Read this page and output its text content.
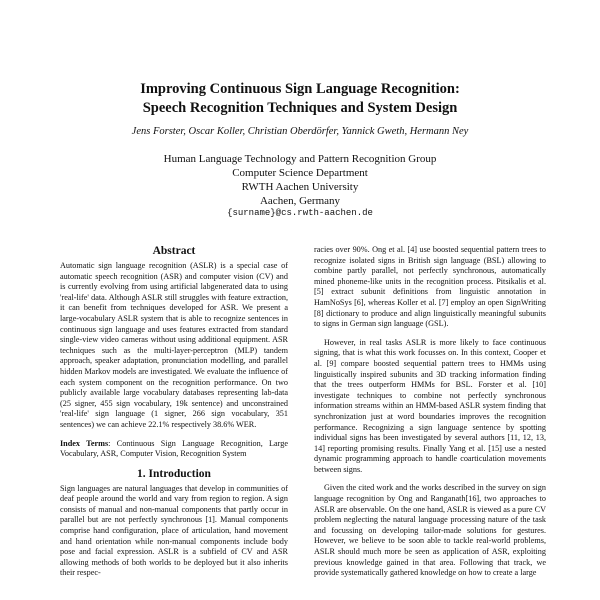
Improving Continuous Sign Language Recognition:
Speech Recognition Techniques and System Design
Jens Forster, Oscar Koller, Christian Oberdörfer, Yannick Gweth, Hermann Ney
Human Language Technology and Pattern Recognition Group
Computer Science Department
RWTH Aachen University
Aachen, Germany
{surname}@cs.rwth-aachen.de
Abstract

Automatic sign language recognition (ASLR) is a special case of automatic speech recognition (ASR) and computer vision (CV) and is currently evolving from using artificial labgenerated data to using 'real-life' data. Although ASLR still struggles with feature extraction, it can benefit from techniques developed for ASR. We present a large-vocabulary ASLR system that is able to recognize sentences in continuous sign language and uses features extracted from standard single-view video cameras without using additional equipment. ASR techniques such as the multi-layer-perceptron (MLP) tandem approach, speaker adaptation, pronunciation modelling, and parallel hidden Markov models are investigated. We evaluate the influence of each system component on the recognition performance. On two publicly available large vocabulary databases representing lab-data (25 signer, 455 sign vocabulary, 19k sentence) and unconstrained 'real-life' sign language (1 signer, 266 sign vocabulary, 351 sentences) we can achieve 22.1% respectively 38.6% WER.

Index Terms: Continuous Sign Language Recognition, Large Vocabulary, ASR, Computer Vision, Recognition System

1. Introduction

Sign languages are natural languages that develop in communities of deaf people around the world and vary from region to region. A sign consists of manual and non-manual components that partly occur in parallel but are not perfectly synchronous [1]. Manual components comprise hand configuration, place of articulation, hand movement and hand orientation while non-manual components include body pose and facial expression. ASLR is a subfield of CV and ASR allowing methods of both worlds to be deployed but it also inherits their respec-

racies over 90%. Ong et al. [4] use boosted sequential pattern trees to recognize isolated signs in British sign language (BSL) allowing to combine partly parallel, not perfectly synchronous, automatically mined phoneme-like units in the recognition process. Pitsikalis et al. [5] extract subunit definitions from linguistic annotation in HamNoSys [6], whereas Koller et al. [7] employ an open SignWriting [8] dictionary to produce and align linguistically meaningful subunits to signs in German sign language (GSL).

However, in real tasks ASLR is more likely to face continuous signing, that is what this work focusses on. In this context, Cooper et al. [9] compare boosted sequential pattern trees to HMMs using linguistically inspired subunits and 3D tracking information finding that the trees outperform HMMs for BSL. Forster et al. [10] investigate techniques to combine not perfectly synchronous information streams within an HMM-based ASLR system finding that synchronization just at word boundaries improves the recognition performance. Recognizing a sign language sentence by spotting individual signs has been investigated by several authors [11, 12, 13, 14] reporting promising results. Finally Yang et al. [15] use a nested dynamic programming approach to handle coarticulation movements between signs.

Given the cited work and the works described in the survey on sign language recognition by Ong and Ranganath[16], two approaches to ASLR are observable. On the one hand, ASLR is viewed as a pure CV problem neglecting the natural language processing nature of the task and focussing on developing tailor-made solutions for gestures. However, we believe to be soon able to tackle real-world problems, ASLR should much more be seen as application of ASR, exploiting previous knowledge gained in that area. Following that track, we provide systematically gathered knowledge on how to create a large
